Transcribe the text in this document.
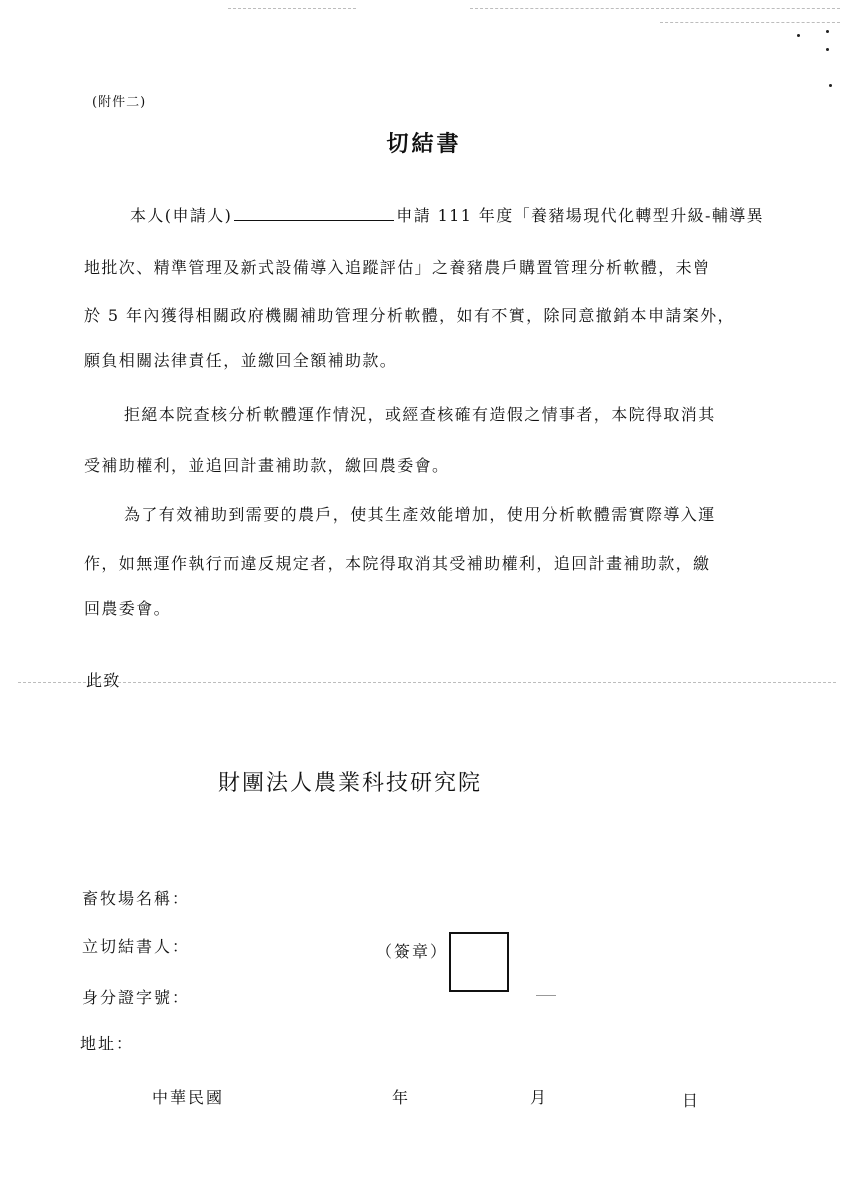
(附件二)
切結書
本人(申請人)	申請 111 年度「養豬場現代化轉型升級-輔導異
地批次、精準管理及新式設備導入追蹤評估」之養豬農戶購置管理分析軟體，未曾
於 5 年內獲得相關政府機關補助管理分析軟體，如有不實，除同意撤銷本申請案外，
願負相關法律責任，並繳回全額補助款。
拒絕本院查核分析軟體運作情況，或經查核確有造假之情事者，本院得取消其
受補助權利，並追回計畫補助款，繳回農委會。
為了有效補助到需要的農戶，使其生產效能增加，使用分析軟體需實際導入運
作，如無運作執行而違反規定者，本院得取消其受補助權利，追回計畫補助款，繳
回農委會。
此致
財團法人農業科技研究院
畜牧場名稱：
立切結書人：	（簽章）
身分證字號：
地址：
中華民國	年	月	日
